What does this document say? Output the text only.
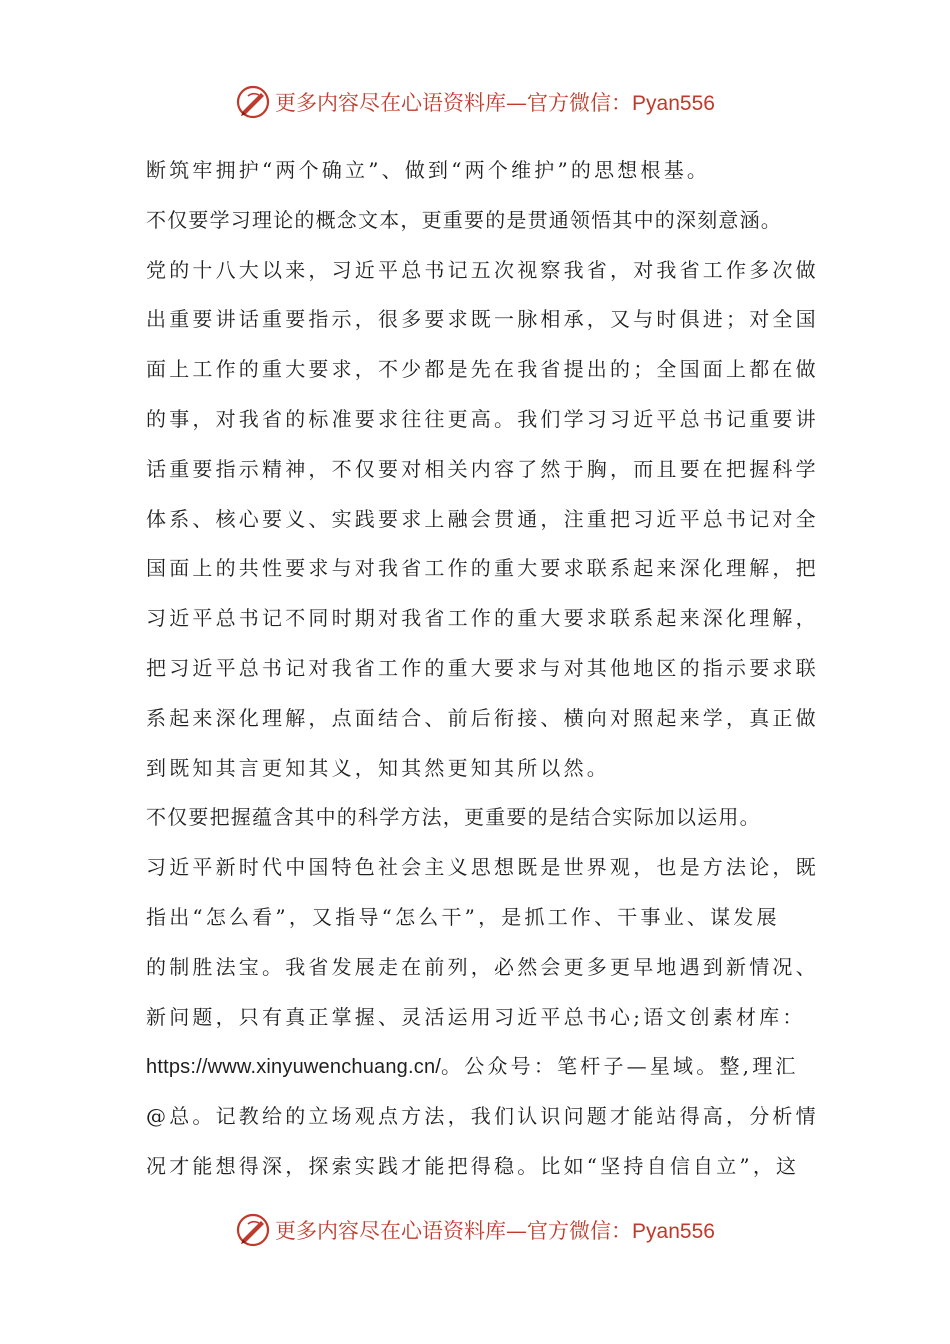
更多内容尽在心语资料库—官方微信：Pyan556
断筑牢拥护“两个确立”、做到“两个维护”的思想根基。
不仅要学习理论的概念文本，更重要的是贯通领悟其中的深刻意涵。
党的十八大以来，习近平总书记五次视察我省，对我省工作多次做
出重要讲话重要指示，很多要求既一脉相承，又与时俱进；对全国
面上工作的重大要求，不少都是先在我省提出的；全国面上都在做
的事，对我省的标准要求往往更高。我们学习习近平总书记重要讲
话重要指示精神，不仅要对相关内容了然于胸，而且要在把握科学
体系、核心要义、实践要求上融会贯通，注重把习近平总书记对全
国面上的共性要求与对我省工作的重大要求联系起来深化理解，把
习近平总书记不同时期对我省工作的重大要求联系起来深化理解，
把习近平总书记对我省工作的重大要求与对其他地区的指示要求联
系起来深化理解，点面结合、前后衔接、横向对照起来学，真正做
到既知其言更知其义，知其然更知其所以然。
不仅要把握蕴含其中的科学方法，更重要的是结合实际加以运用。
习近平新时代中国特色社会主义思想既是世界观，也是方法论，既
指出“怎么看”，又指导“怎么干”，是抓工作、干事业、谋发展
的制胜法宝。我省发展走在前列，必然会更多更早地遇到新情况、
新问题，只有真正掌握、灵活运用习近平总书心;语文创素材库：
https://www.xinyuwenchuang.cn/。公众号：笔杆子—星域。整,理汇
@总。记教给的立场观点方法，我们认识问题才能站得高，分析情
况才能想得深，探索实践才能把得稳。比如“坚持自信自立”，这
更多内容尽在心语资料库—官方微信：Pyan556
